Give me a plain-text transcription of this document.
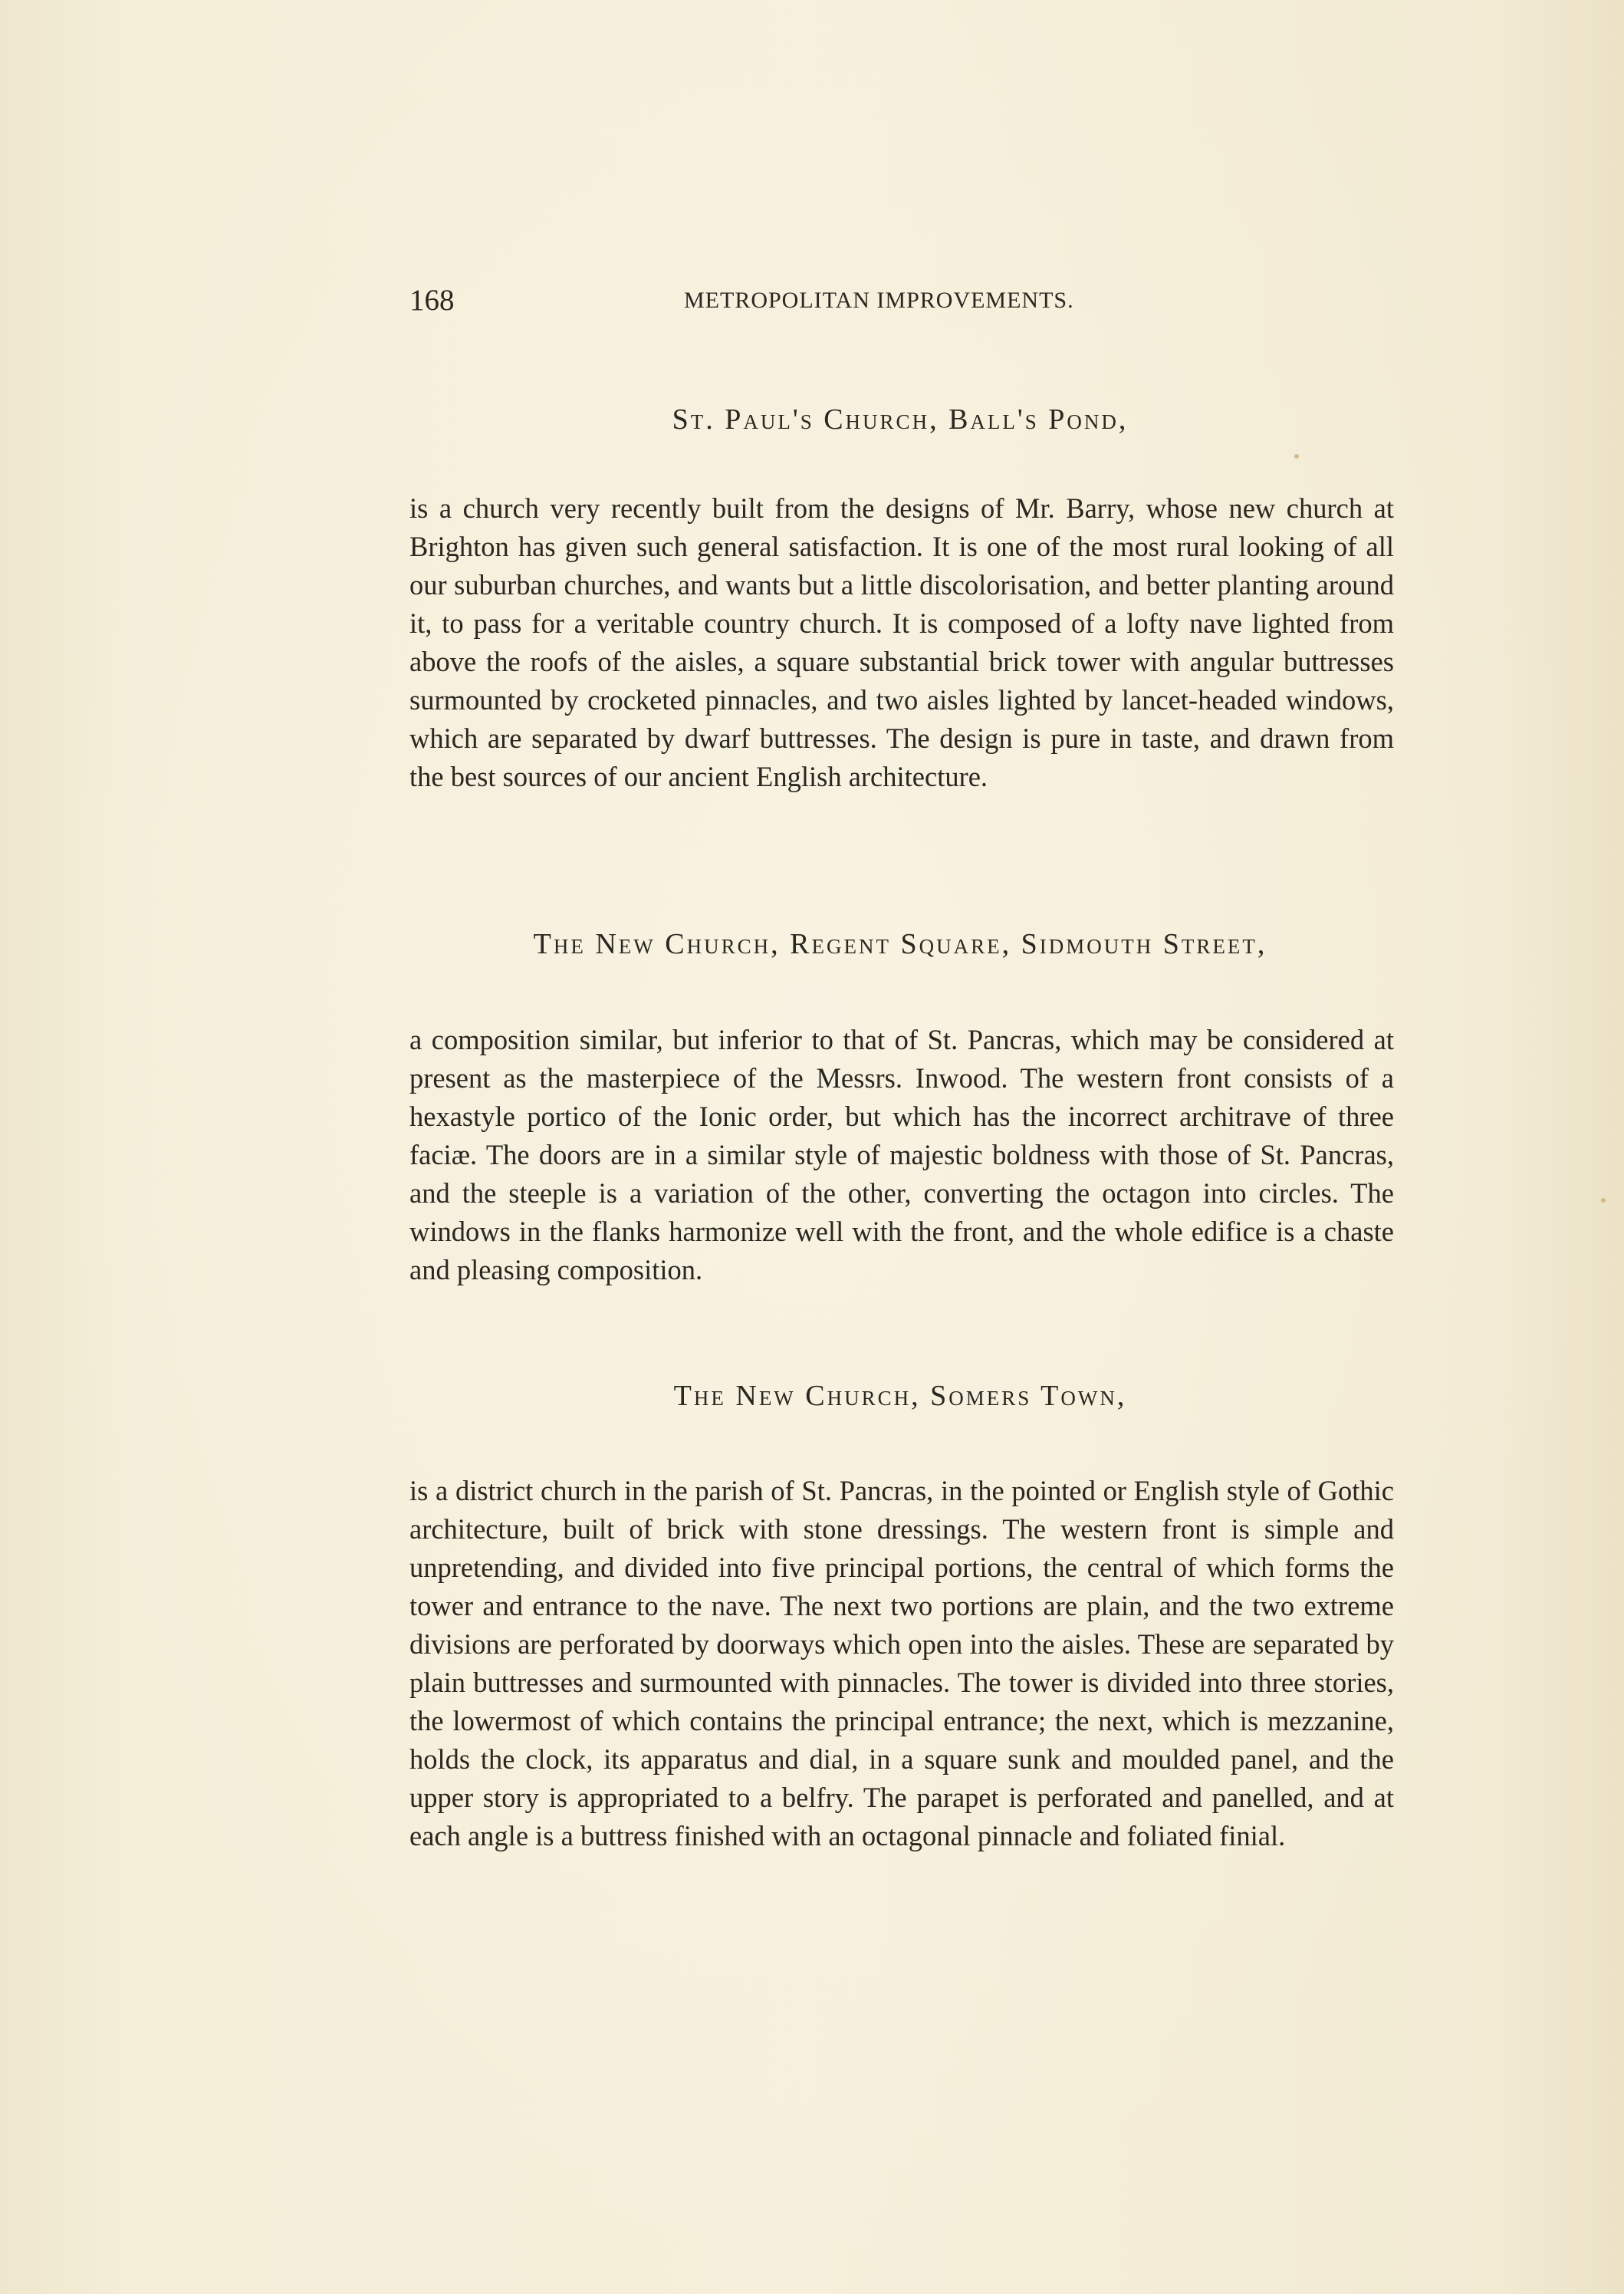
168	METROPOLITAN IMPROVEMENTS.
St. Paul's Church, Ball's Pond,

is a church very recently built from the designs of Mr. Barry, whose new church at Brighton has given such general satisfaction. It is one of the most rural looking of all our suburban churches, and wants but a little discolorisation, and better planting around it, to pass for a veritable country church. It is composed of a lofty nave lighted from above the roofs of the aisles, a square substantial brick tower with angular buttresses surmounted by crocketed pinnacles, and two aisles lighted by lancet-headed windows, which are separated by dwarf buttresses. The design is pure in taste, and drawn from the best sources of our ancient English architecture.

The New Church, Regent Square, Sidmouth Street,

a composition similar, but inferior to that of St. Pancras, which may be considered at present as the masterpiece of the Messrs. Inwood. The western front consists of a hexastyle portico of the Ionic order, but which has the incorrect architrave of three faciæ. The doors are in a similar style of majestic boldness with those of St. Pancras, and the steeple is a variation of the other, converting the octagon into circles. The windows in the flanks harmonize well with the front, and the whole edifice is a chaste and pleasing composition.

The New Church, Somers Town,

is a district church in the parish of St. Pancras, in the pointed or English style of Gothic architecture, built of brick with stone dressings. The western front is simple and unpretending, and divided into five principal portions, the central of which forms the tower and entrance to the nave. The next two portions are plain, and the two extreme divisions are perforated by doorways which open into the aisles. These are separated by plain buttresses and surmounted with pinnacles. The tower is divided into three stories, the lowermost of which contains the principal entrance; the next, which is mezzanine, holds the clock, its apparatus and dial, in a square sunk and moulded panel, and the upper story is appropriated to a belfry. The parapet is perforated and panelled, and at each angle is a buttress finished with an octagonal pinnacle and foliated finial.
